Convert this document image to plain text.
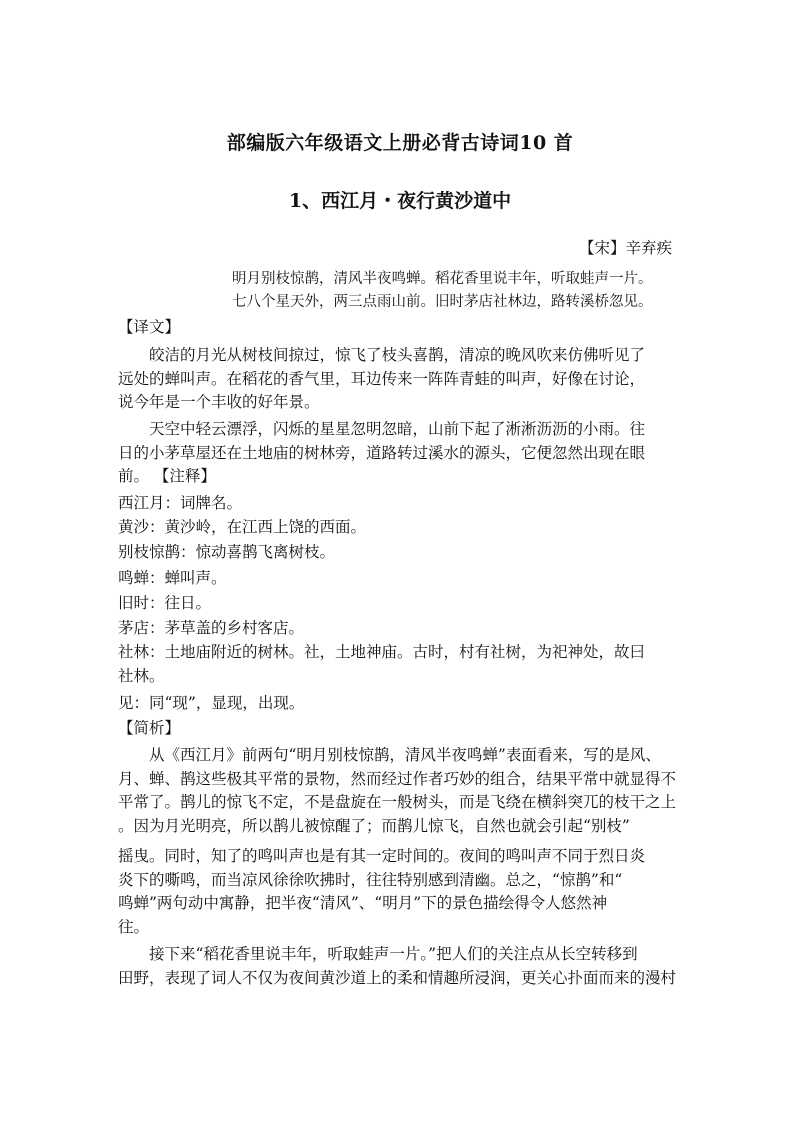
部编版六年级语文上册必背古诗词10 首
1、西江月・夜行黄沙道中
【宋】辛弃疾
明月别枝惊鹊，清风半夜鸣蝉。稻花香里说丰年，听取蛙声一片。
七八个星天外，两三点雨山前。旧时茅店社林边，路转溪桥忽见。
【译文】
皎洁的月光从树枝间掠过，惊飞了枝头喜鹊，清凉的晚风吹来仿佛听见了
远处的蝉叫声。在稻花的香气里，耳边传来一阵阵青蛙的叫声，好像在讨论，
说今年是一个丰收的好年景。
天空中轻云漂浮，闪烁的星星忽明忽暗，山前下起了淅淅沥沥的小雨。往
日的小茅草屋还在土地庙的树林旁，道路转过溪水的源头，它便忽然出现在眼
前。 【注释】
西江月：词牌名。
黄沙：黄沙岭，在江西上饶的西面。
别枝惊鹊：惊动喜鹊飞离树枝。
鸣蝉：蝉叫声。
旧时：往日。
茅店：茅草盖的乡村客店。
社林：土地庙附近的树林。社，土地神庙。古时，村有社树，为祀神处，故曰
社林。
见：同“现”，显现，出现。
【简析】
从《西江月》前两句“明月别枝惊鹊，清风半夜鸣蝉”表面看来，写的是风、
月、蝉、鹊这些极其平常的景物，然而经过作者巧妙的组合，结果平常中就显得不
平常了。鹊儿的惊飞不定，不是盘旋在一般树头，而是飞绕在横斜突兀的枝干之上
。因为月光明亮，所以鹊儿被惊醒了；而鹊儿惊飞，自然也就会引起“别枝”
摇曳。同时，知了的鸣叫声也是有其一定时间的。夜间的鸣叫声不同于烈日炎
炎下的嘶鸣，而当凉风徐徐吹拂时，往往特别感到清幽。总之，“惊鹊”和“
鸣蝉”两句动中寓静，把半夜“清风”、“明月”下的景色描绘得令人悠然神
往。
接下来“稻花香里说丰年，听取蛙声一片。”把人们的关注点从长空转移到
田野，表现了词人不仅为夜间黄沙道上的柔和情趣所浸润，更关心扑面而来的漫村
